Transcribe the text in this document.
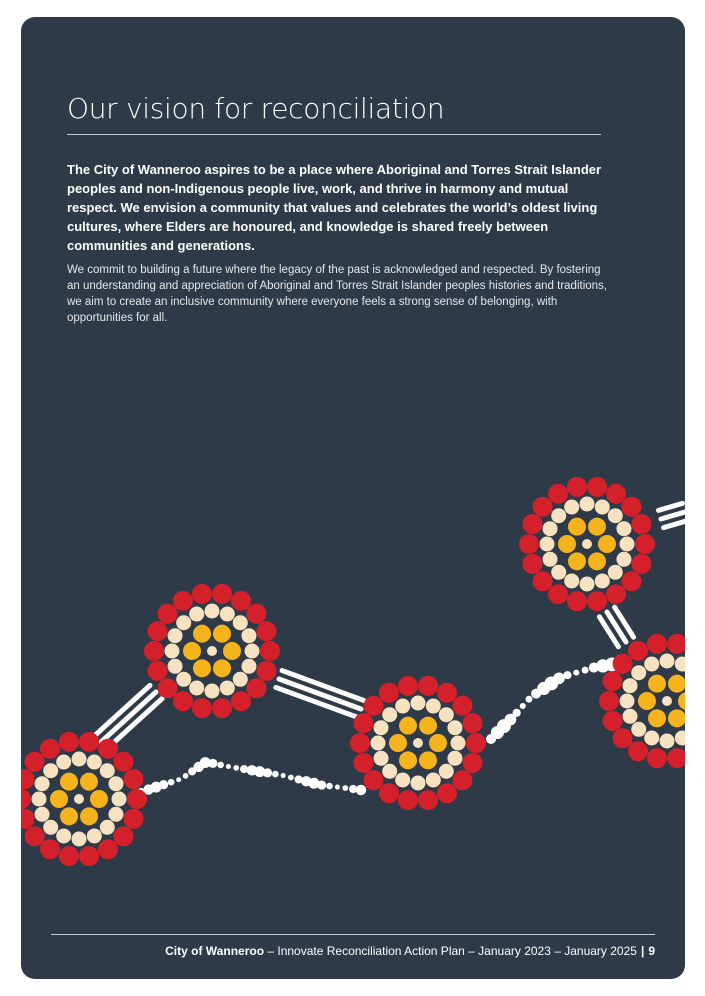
Our vision for reconciliation

The City of Wanneroo aspires to be a place where Aboriginal and Torres Strait Islander peoples and non-Indigenous people live, work, and thrive in harmony and mutual respect. We envision a community that values and celebrates the world’s oldest living cultures, where Elders are honoured, and knowledge is shared freely between communities and generations.

We commit to building a future where the legacy of the past is acknowledged and respected. By fostering an understanding and appreciation of Aboriginal and Torres Strait Islander peoples histories and traditions, we aim to create an inclusive community where everyone feels a strong sense of belonging, with opportunities for all.

City of Wanneroo – Innovate Reconciliation Action Plan – January 2023 – January 2025 | 9
